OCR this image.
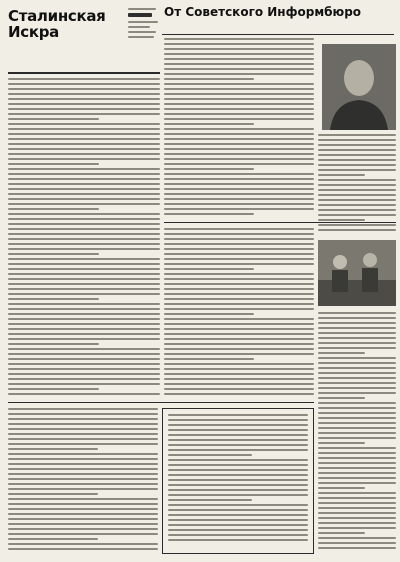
Сталинская Искра
От Советского Информбюро
